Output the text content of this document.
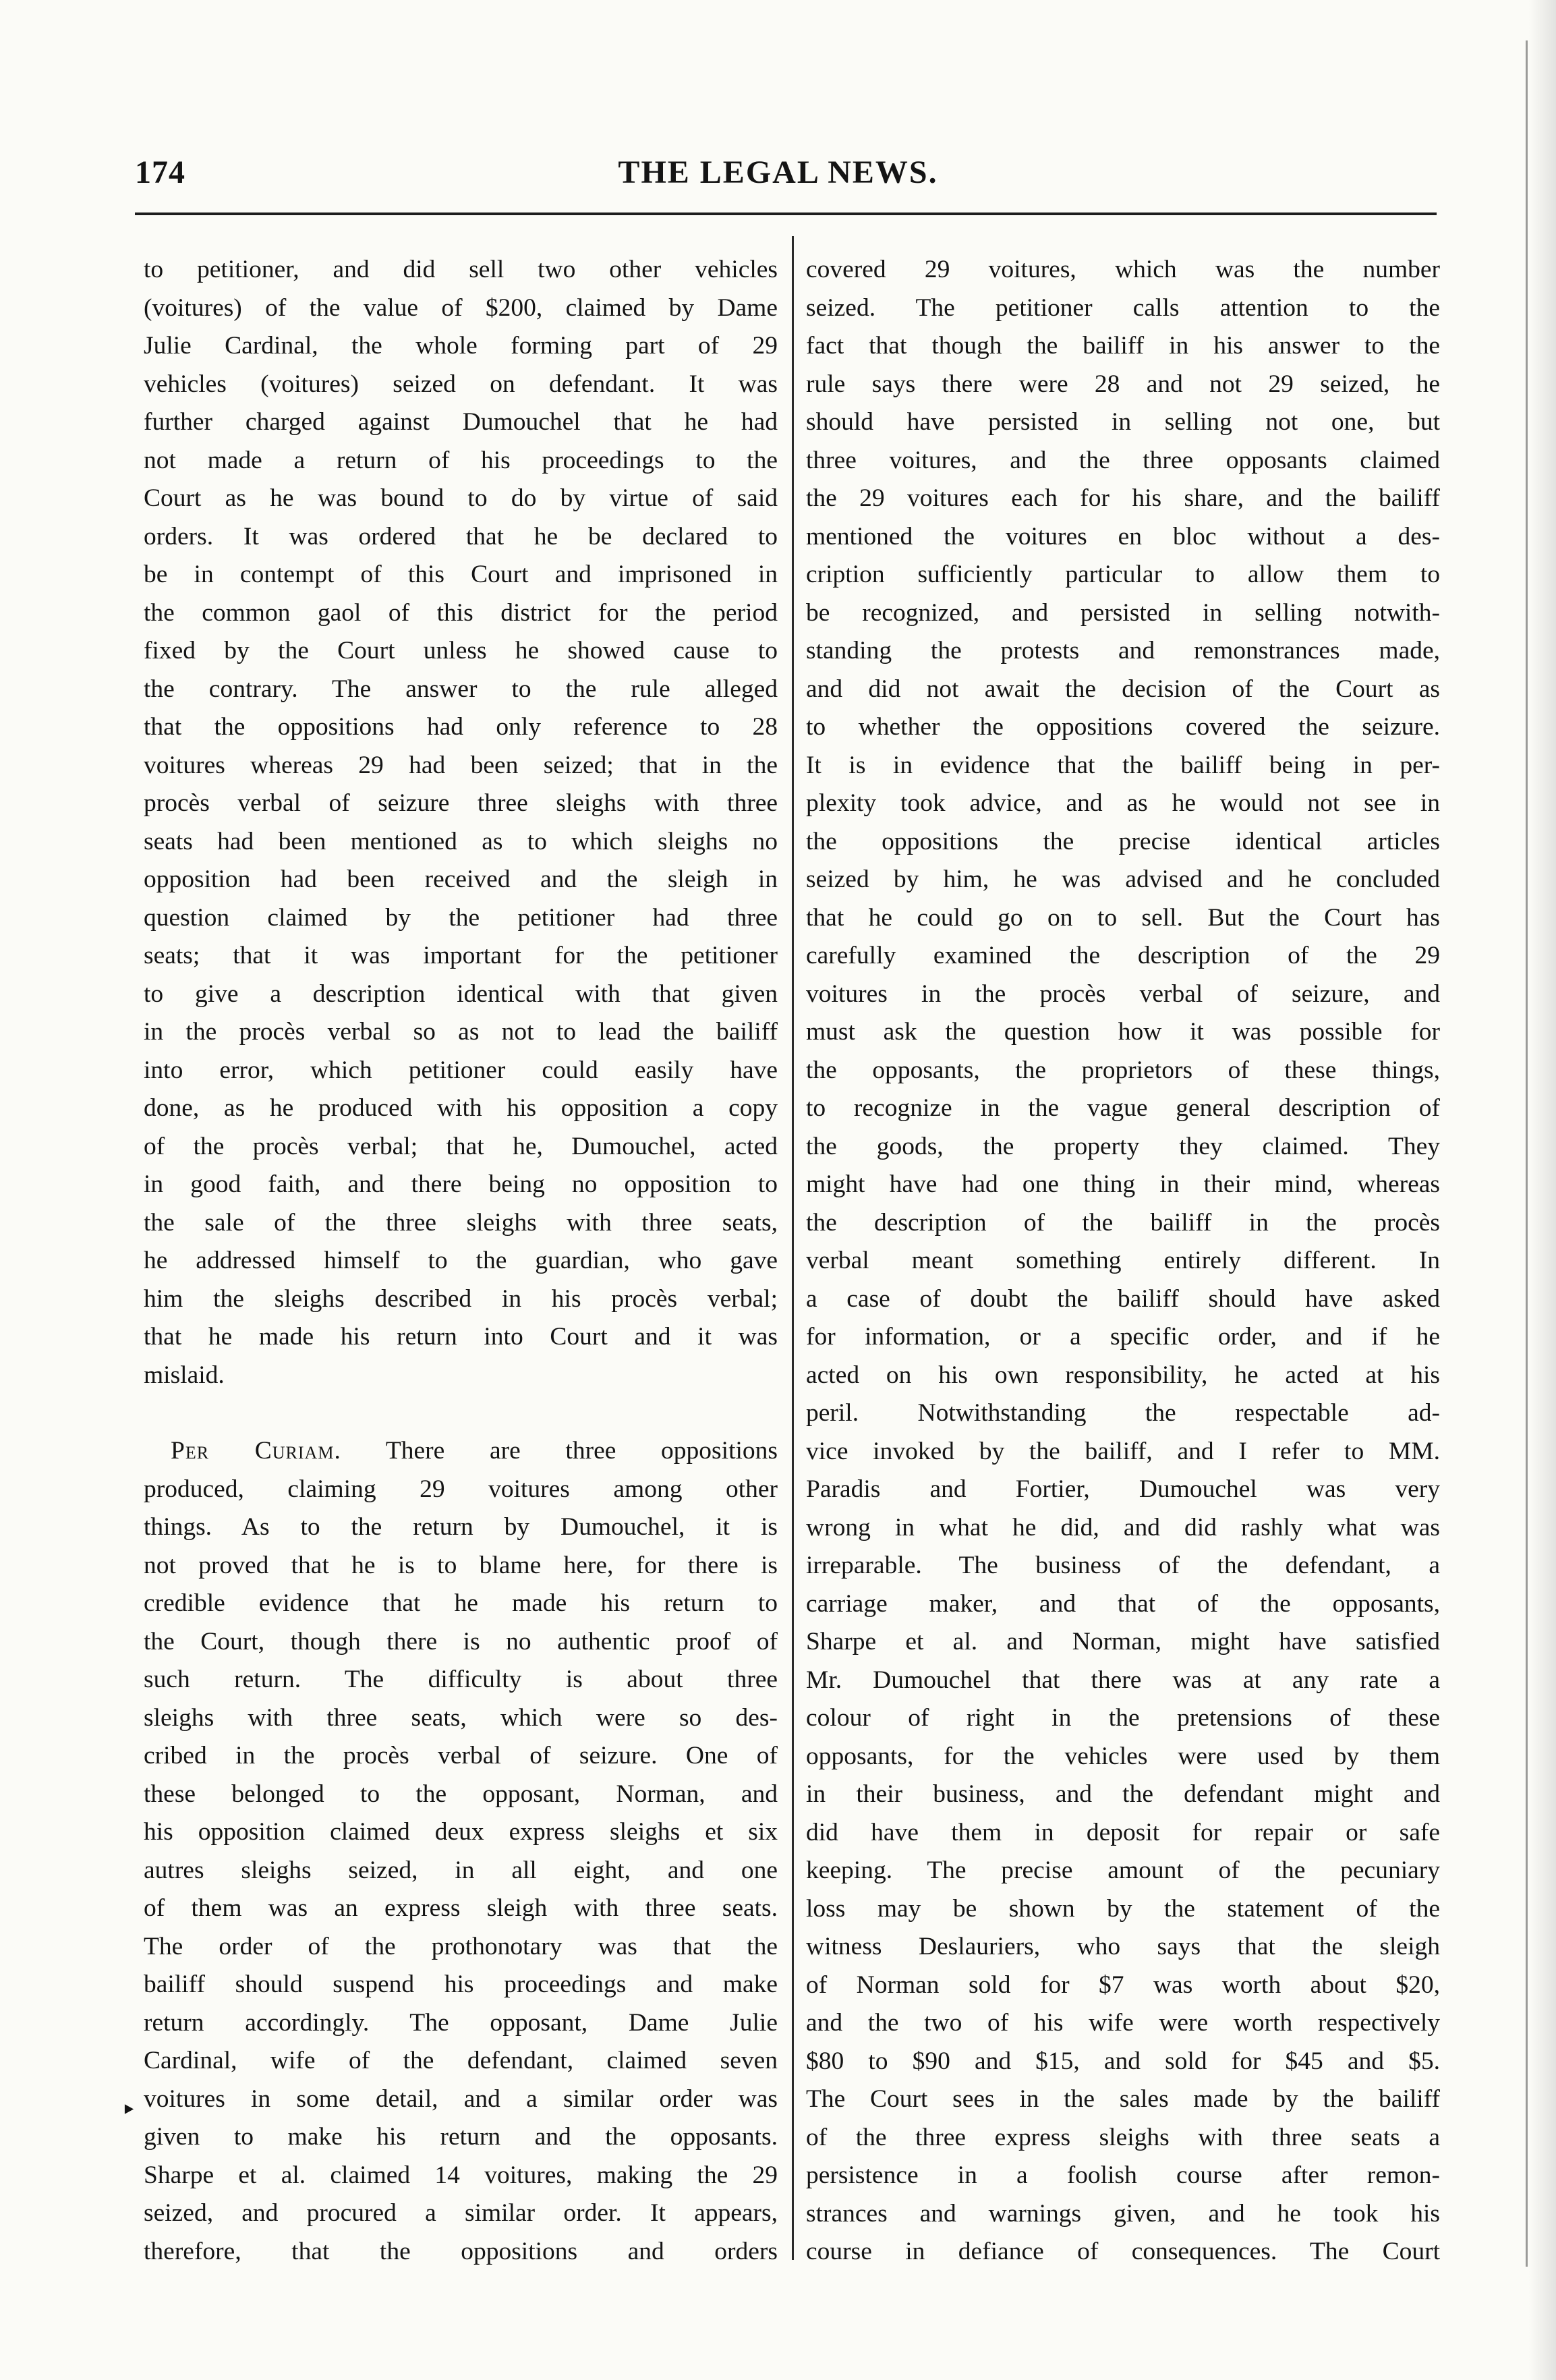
174	THE LEGAL NEWS.
‣
to petitioner, and did sell two other vehicles
(voitures) of the value of $200, claimed by Dame
Julie Cardinal, the whole forming part of 29
vehicles (voitures) seized on defendant. It was
further charged against Dumouchel that he had
not made a return of his proceedings to the
Court as he was bound to do by virtue of said
orders. It was ordered that he be declared to
be in contempt of this Court and imprisoned in
the common gaol of this district for the period
fixed by the Court unless he showed cause to
the contrary. The answer to the rule alleged
that the oppositions had only reference to 28
voitures whereas 29 had been seized; that in the
procès verbal of seizure three sleighs with three
seats had been mentioned as to which sleighs no
opposition had been received and the sleigh in
question claimed by the petitioner had three
seats; that it was important for the petitioner
to give a description identical with that given
in the procès verbal so as not to lead the bailiff
into error, which petitioner could easily have
done, as he produced with his opposition a copy
of the procès verbal; that he, Dumouchel, acted
in good faith, and there being no opposition to
the sale of the three sleighs with three seats,
he addressed himself to the guardian, who gave
him the sleighs described in his procès verbal;
that he made his return into Court and it was
mislaid.
Per Curiam. There are three oppositions
produced, claiming 29 voitures among other
things. As to the return by Dumouchel, it is
not proved that he is to blame here, for there is
credible evidence that he made his return to
the Court, though there is no authentic proof of
such return. The difficulty is about three
sleighs with three seats, which were so des-
cribed in the procès verbal of seizure. One of
these belonged to the opposant, Norman, and
his opposition claimed deux express sleighs et six
autres sleighs seized, in all eight, and one
of them was an express sleigh with three seats.
The order of the prothonotary was that the
bailiff should suspend his proceedings and make
return accordingly. The opposant, Dame Julie
Cardinal, wife of the defendant, claimed seven
voitures in some detail, and a similar order was
given to make his return and the opposants.
Sharpe et al. claimed 14 voitures, making the 29
seized, and procured a similar order. It appears,
therefore, that the oppositions and orders
covered 29 voitures, which was the number
seized. The petitioner calls attention to the
fact that though the bailiff in his answer to the
rule says there were 28 and not 29 seized, he
should have persisted in selling not one, but
three voitures, and the three opposants claimed
the 29 voitures each for his share, and the bailiff
mentioned the voitures en bloc without a des-
cription sufficiently particular to allow them to
be recognized, and persisted in selling notwith-
standing the protests and remonstrances made,
and did not await the decision of the Court as
to whether the oppositions covered the seizure.
It is in evidence that the bailiff being in per-
plexity took advice, and as he would not see in
the oppositions the precise identical articles
seized by him, he was advised and he concluded
that he could go on to sell. But the Court has
carefully examined the description of the 29
voitures in the procès verbal of seizure, and
must ask the question how it was possible for
the opposants, the proprietors of these things,
to recognize in the vague general description of
the goods, the property they claimed. They
might have had one thing in their mind, whereas
the description of the bailiff in the procès
verbal meant something entirely different. In
a case of doubt the bailiff should have asked
for information, or a specific order, and if he
acted on his own responsibility, he acted at his
peril. Notwithstanding the respectable ad-
vice invoked by the bailiff, and I refer to MM.
Paradis and Fortier, Dumouchel was very
wrong in what he did, and did rashly what was
irreparable. The business of the defendant, a
carriage maker, and that of the opposants,
Sharpe et al. and Norman, might have satisfied
Mr. Dumouchel that there was at any rate a
colour of right in the pretensions of these
opposants, for the vehicles were used by them
in their business, and the defendant might and
did have them in deposit for repair or safe
keeping. The precise amount of the pecuniary
loss may be shown by the statement of the
witness Deslauriers, who says that the sleigh
of Norman sold for $7 was worth about $20,
and the two of his wife were worth respectively
$80 to $90 and $15, and sold for $45 and $5.
The Court sees in the sales made by the bailiff
of the three express sleighs with three seats a
persistence in a foolish course after remon-
strances and warnings given, and he took his
course in defiance of consequences. The Court
